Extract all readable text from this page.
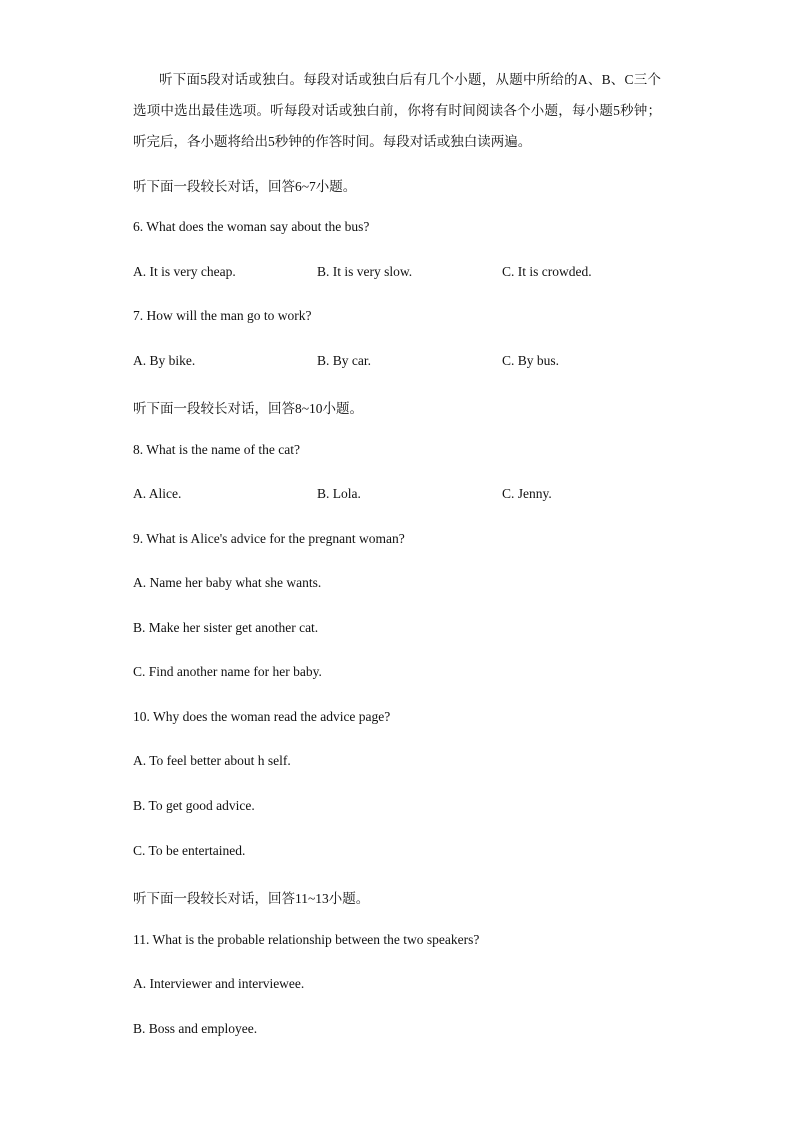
听下面5段对话或独白。每段对话或独白后有几个小题，从题中所给的A、B、C三个选项中选出最佳选项。听每段对话或独白前，你将有时间阅读各个小题，每小题5秒钟；听完后，各小题将给出5秒钟的作答时间。每段对话或独白读两遍。

听下面一段较长对话，回答6~7小题。
6. What does the woman say about the bus?
A. It is very cheap.	B. It is very slow.	C. It is crowded.
7. How will the man go to work?
A. By bike.	B. By car.	C. By bus.
听下面一段较长对话，回答8~10小题。
8. What is the name of the cat?
A. Alice.	B. Lola.	C. Jenny.
9. What is Alice's advice for the pregnant woman?
A. Name her baby what she wants.
B. Make her sister get another cat.
C. Find another name for her baby.
10. Why does the woman read the advice page?
A. To feel better about h self.
B. To get good advice.
C. To be entertained.
听下面一段较长对话，回答11~13小题。
11. What is the probable relationship between the two speakers?
A. Interviewer and interviewee.
B. Boss and employee.
